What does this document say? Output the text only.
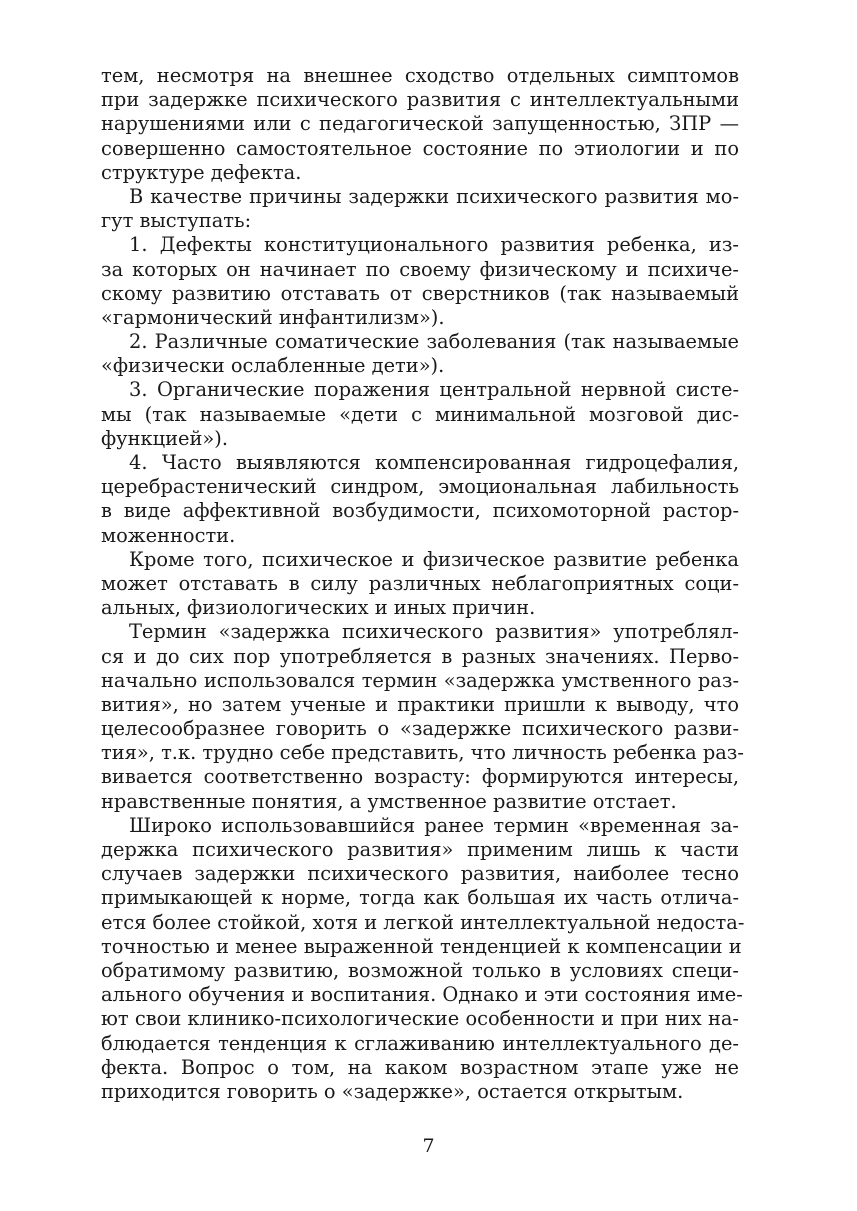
тем, несмотря на внешнее сходство отдельных симптомов
при задержке психического развития с интеллектуальными
нарушениями или с педагогической запущенностью, ЗПР —
совершенно самостоятельное состояние по этиологии и по
структуре дефекта.
В качестве причины задержки психического развития мо-
гут выступать:
1. Дефекты конституционального развития ребенка, из-
за которых он начинает по своему физическому и психиче-
скому развитию отставать от сверстников (так называемый
«гармонический инфантилизм»).
2. Различные соматические заболевания (так называемые
«физически ослабленные дети»).
3. Органические поражения центральной нервной систе-
мы (так называемые «дети с минимальной мозговой дис-
функцией»).
4. Часто выявляются компенсированная гидроцефалия,
церебрастенический синдром, эмоциональная лабильность
в виде аффективной возбудимости, психомоторной растор-
моженности.
Кроме того, психическое и физическое развитие ребенка
может отставать в силу различных неблагоприятных соци-
альных, физиологических и иных причин.
Термин «задержка психического развития» употреблял-
ся и до сих пор употребляется в разных значениях. Перво-
начально использовался термин «задержка умственного раз-
вития», но затем ученые и практики пришли к выводу, что
целесообразнее говорить о «задержке психического разви-
тия», т.к. трудно себе представить, что личность ребенка раз-
вивается соответственно возрасту: формируются интересы,
нравственные понятия, а умственное развитие отстает.
Широко использовавшийся ранее термин «временная за-
держка психического развития» применим лишь к части
случаев задержки психического развития, наиболее тесно
примыкающей к норме, тогда как большая их часть отлича-
ется более стойкой, хотя и легкой интеллектуальной недоста-
точностью и менее выраженной тенденцией к компенсации и
обратимому развитию, возможной только в условиях специ-
ального обучения и воспитания. Однако и эти состояния име-
ют свои клинико-психологические особенности и при них на-
блюдается тенденция к сглаживанию интеллектуального де-
фекта. Вопрос о том, на каком возрастном этапе уже не
приходится говорить о «задержке», остается открытым.
7
